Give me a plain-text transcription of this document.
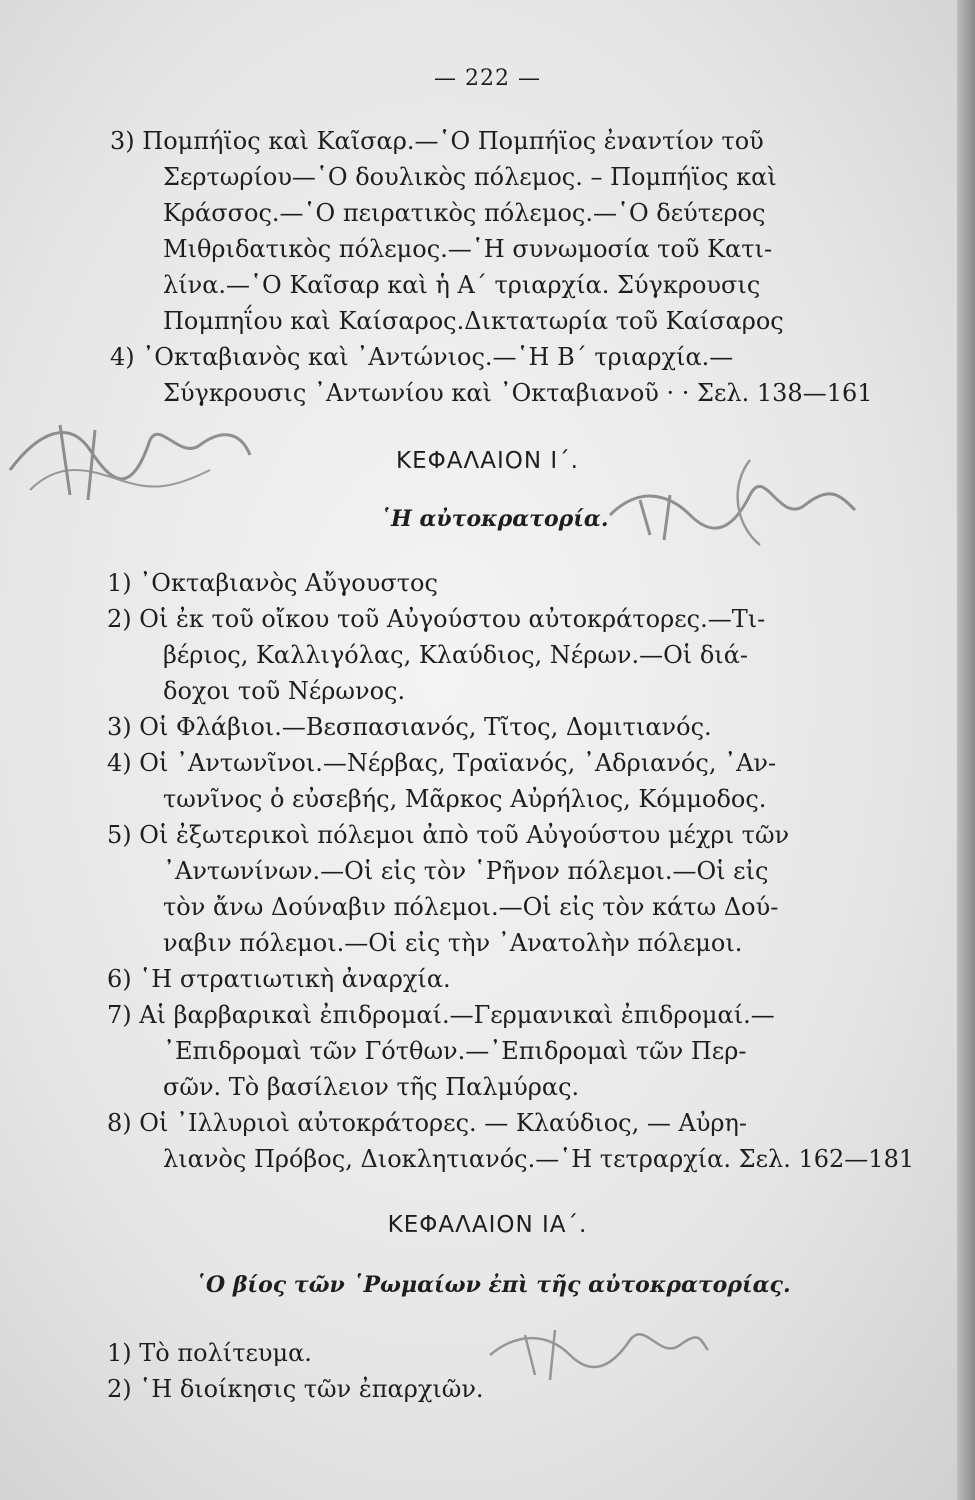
— 222 —
3) Πομπήϊος καὶ Καῖσαρ.—῾Ο Πομπήϊος ἐναντίον τοῦ
Σερτωρίου—῾Ο δουλικὸς πόλεμος. – Πομπήϊος καὶ
Κράσσος.—῾Ο πειρατικὸς πόλεμος.—῾Ο δεύτερος
Μιθριδατικὸς πόλεμος.—῾Η συνωμοσία τοῦ Κατι-
λίνα.—῾Ο Καῖσαρ καὶ ἡ Α΄ τριαρχία. Σύγκρουσις
Πομπηΐου καὶ Καίσαρος.Δικτατωρία τοῦ Καίσαρος
4) ᾽Οκταβιανὸς καὶ ᾽Αντώνιος.—῾Η Β΄ τριαρχία.—
Σύγκρουσις ᾽Αντωνίου καὶ ᾽Οκταβιανοῦ · · Σελ. 138—161
ΚΕΦΑΛΑΙΟΝ Ι΄.
῾Η αὐτοκρατορία.
1) ᾽Οκταβιανὸς Αὔγουστος
2) Οἱ ἐκ τοῦ οἴκου τοῦ Αὐγούστου αὐτοκράτορες.—Τι-
βέριος, Καλλιγόλας, Κλαύδιος, Νέρων.—Οἱ διά-
δοχοι τοῦ Νέρωνος.
3) Οἱ Φλάβιοι.—Βεσπασιανός, Τῖτος, Δομιτιανός.
4) Οἱ ᾽Αντωνῖνοι.—Νέρβας, Τραϊανός, ᾽Αδριανός, ᾽Αν-
τωνῖνος ὁ εὐσεβής, Μᾶρκος Αὐρήλιος, Κόμμοδος.
5) Οἱ ἐξωτερικοὶ πόλεμοι ἀπὸ τοῦ Αὐγούστου μέχρι τῶν
᾽Αντωνίνων.—Οἱ εἰς τὸν ῾Ρῆνον πόλεμοι.—Οἱ εἰς
τὸν ἄνω Δούναβιν πόλεμοι.—Οἱ εἰς τὸν κάτω Δού-
ναβιν πόλεμοι.—Οἱ εἰς τὴν ᾽Ανατολὴν πόλεμοι.
6) ῾Η στρατιωτικὴ ἀναρχία.
7) Αἱ βαρβαρικαὶ ἐπιδρομαί.—Γερμανικαὶ ἐπιδρομαί.—
᾽Επιδρομαὶ τῶν Γότθων.—᾽Επιδρομαὶ τῶν Περ-
σῶν. Τὸ βασίλειον τῆς Παλμύρας.
8) Οἱ ᾽Ιλλυριοὶ αὐτοκράτορες. — Κλαύδιος, — Αὐρη-
λιανὸς Πρόβος, Διοκλητιανός.—῾Η τετραρχία. Σελ. 162—181
ΚΕΦΑΛΑΙΟΝ ΙΑ΄.
῾Ο βίος τῶν ῾Ρωμαίων ἐπὶ τῆς αὐτοκρατορίας.
1) Τὸ πολίτευμα.
2) ῾Η διοίκησις τῶν ἐπαρχιῶν.
